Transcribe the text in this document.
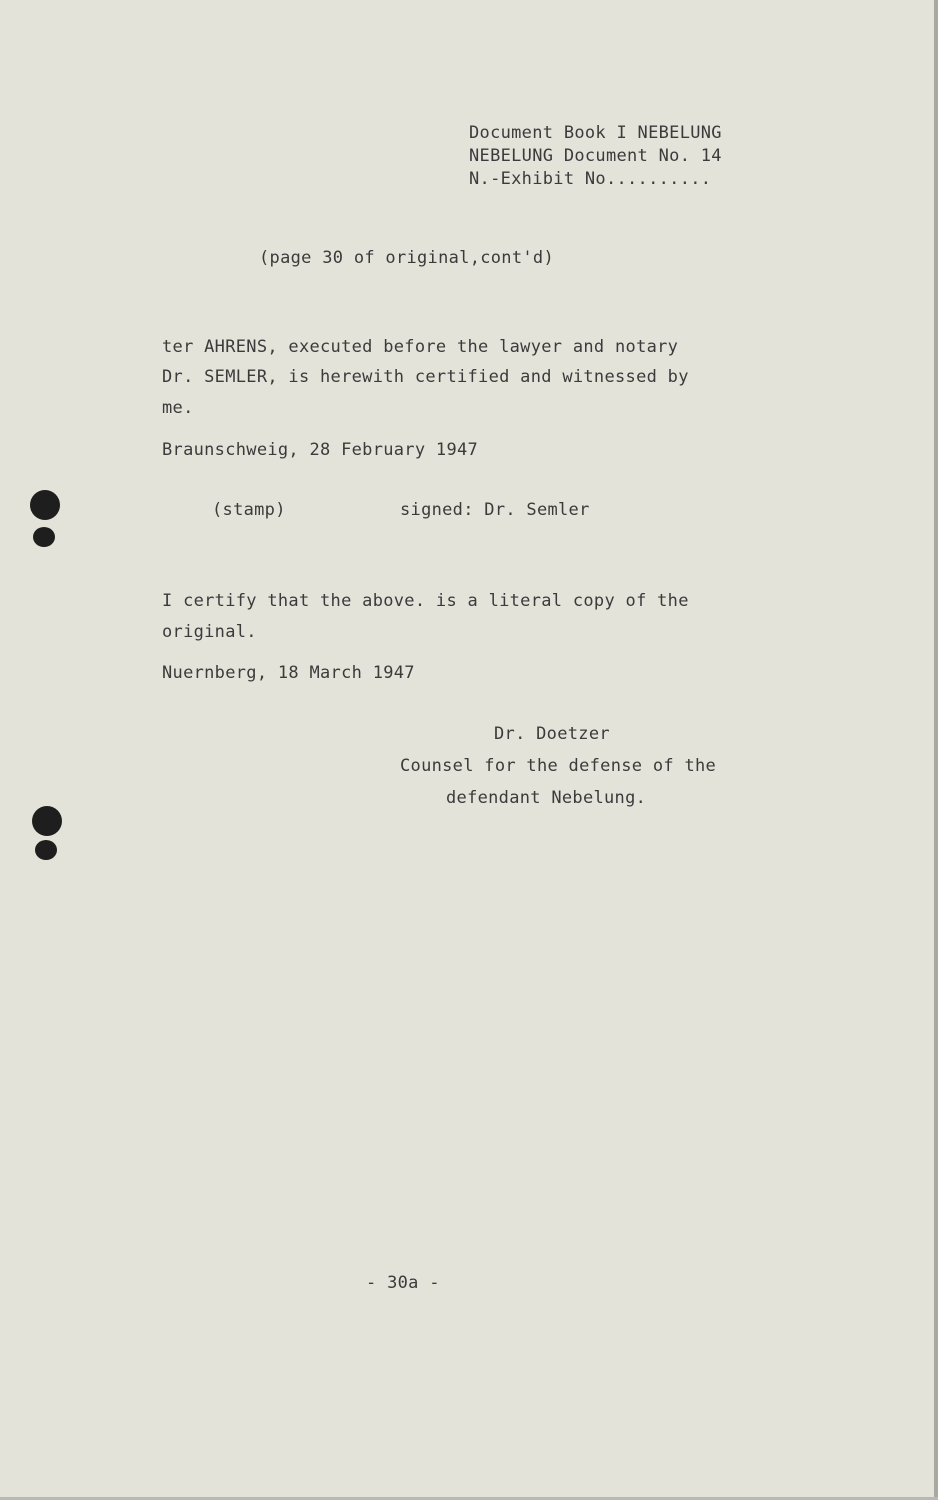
Document Book I NEBELUNG
NEBELUNG Document No. 14
N.-Exhibit No..........
(page 30 of original,cont'd)
ter AHRENS, executed before the lawyer and notary
Dr. SEMLER, is herewith certified and witnessed by
me.
Braunschweig, 28 February 1947
(stamp)	signed: Dr. Semler
I certify that the above. is a literal copy of the
original.
Nuernberg, 18 March 1947
Dr. Doetzer
Counsel for the defense of the
defendant Nebelung.
- 30a -
